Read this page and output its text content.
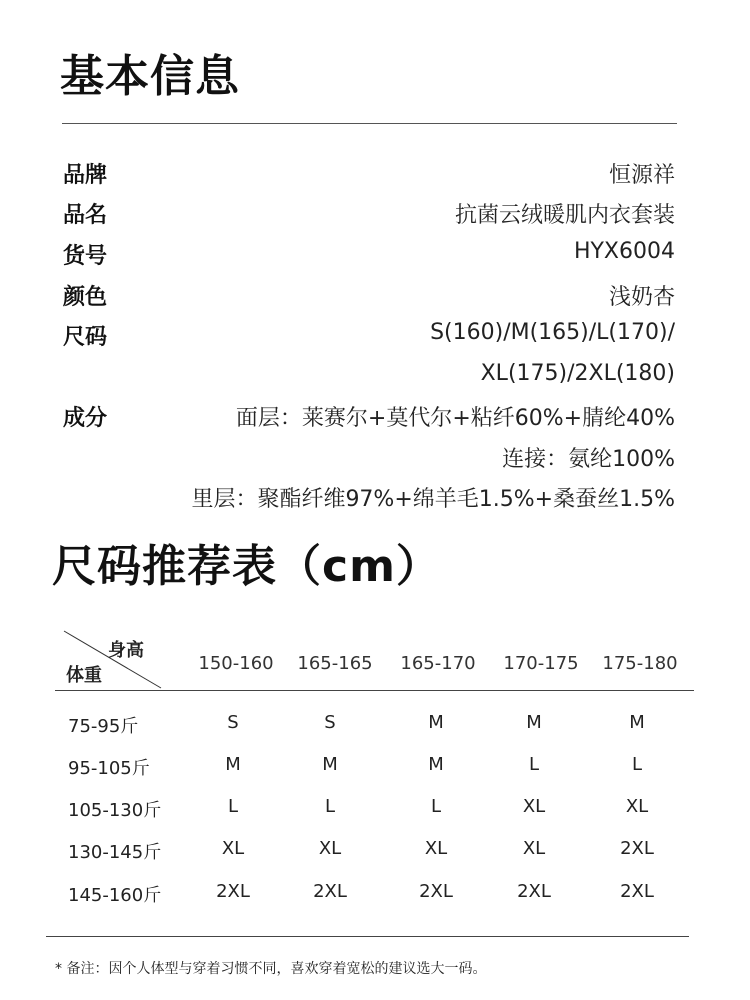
基本信息
品牌	恒源祥
品名	抗菌云绒暖肌内衣套装
货号	HYX6004
颜色	浅奶杏
尺码	S(160)/M(165)/L(170)/
XL(175)/2XL(180)
成分	面层：莱赛尔+莫代尔+粘纤60%+腈纶40%
连接：氨纶100%
里层：聚酯纤维97%+绵羊毛1.5%+桑蚕丝1.5%
尺码推荐表（cm）
身高
体重
150-160	165-165	165-170	170-175	175-180
75-95斤	S	S	M	M	M
95-105斤	M	M	M	L	L
105-130斤	L	L	L	XL	XL
130-145斤	XL	XL	XL	XL	2XL
145-160斤	2XL	2XL	2XL	2XL	2XL
* 备注：因个人体型与穿着习惯不同，喜欢穿着宽松的建议选大一码。
